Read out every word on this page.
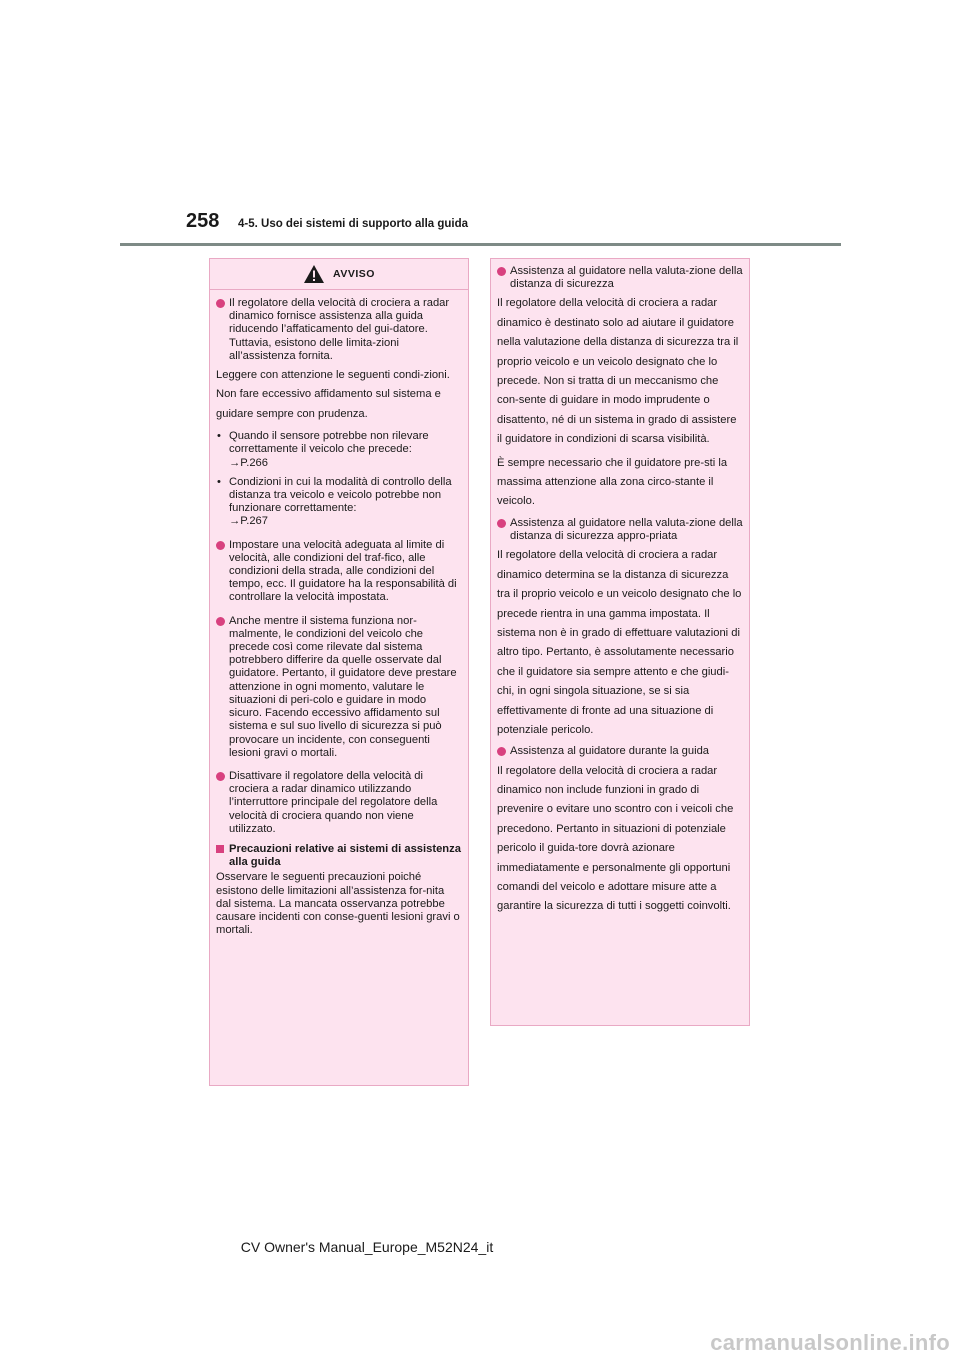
258 4-5. Uso dei sistemi di supporto alla guida
AVVISO
Il regolatore della velocità di crociera a radar dinamico fornisce assistenza alla guida riducendo l’affaticamento del gui-datore. Tuttavia, esistono delle limita-zioni all’assistenza fornita.
Leggere con attenzione le seguenti condi-zioni. Non fare eccessivo affidamento sul sistema e guidare sempre con prudenza.
• Quando il sensore potrebbe non rilevare correttamente il veicolo che precede:
→P.266
• Condizioni in cui la modalità di controllo della distanza tra veicolo e veicolo potrebbe non funzionare correttamente:
→P.267
Impostare una velocità adeguata al limite di velocità, alle condizioni del traf-fico, alle condizioni della strada, alle condizioni del tempo, ecc. Il guidatore ha la responsabilità di controllare la velocità impostata.
Anche mentre il sistema funziona nor-malmente, le condizioni del veicolo che precede così come rilevate dal sistema potrebbero differire da quelle osservate dal guidatore. Pertanto, il guidatore deve prestare attenzione in ogni momento, valutare le situazioni di peri-colo e guidare in modo sicuro. Facendo eccessivo affidamento sul sistema e sul suo livello di sicurezza si può provocare un incidente, con conseguenti lesioni gravi o mortali.
Disattivare il regolatore della velocità di crociera a radar dinamico utilizzando l’interruttore principale del regolatore della velocità di crociera quando non viene utilizzato.
Precauzioni relative ai sistemi di assistenza alla guida
Osservare le seguenti precauzioni poiché esistono delle limitazioni all’assistenza for-nita dal sistema. La mancata osservanza potrebbe causare incidenti con conse-guenti lesioni gravi o mortali.
Assistenza al guidatore nella valuta-zione della distanza di sicurezza
Il regolatore della velocità di crociera a radar dinamico è destinato solo ad aiutare il guidatore nella valutazione della distanza di sicurezza tra il proprio veicolo e un veicolo designato che lo precede. Non si tratta di un meccanismo che con-sente di guidare in modo imprudente o disattento, né di un sistema in grado di assistere il guidatore in condizioni di scarsa visibilità.
È sempre necessario che il guidatore pre-sti la massima attenzione alla zona circo-stante il veicolo.
Assistenza al guidatore nella valuta-zione della distanza di sicurezza appro-priata
Il regolatore della velocità di crociera a radar dinamico determina se la distanza di sicurezza tra il proprio veicolo e un veicolo designato che lo precede rientra in una gamma impostata. Il sistema non è in grado di effettuare valutazioni di altro tipo. Pertanto, è assolutamente necessario che il guidatore sia sempre attento e che giudi-chi, in ogni singola situazione, se si sia effettivamente di fronte ad una situazione di potenziale pericolo.
Assistenza al guidatore durante la guida
Il regolatore della velocità di crociera a radar dinamico non include funzioni in grado di prevenire o evitare uno scontro con i veicoli che precedono. Pertanto in situazioni di potenziale pericolo il guida-tore dovrà azionare immediatamente e personalmente gli opportuni comandi del veicolo e adottare misure atte a garantire la sicurezza di tutti i soggetti coinvolti.
CV Owner's Manual_Europe_M52N24_it
carmanualsonline.info
